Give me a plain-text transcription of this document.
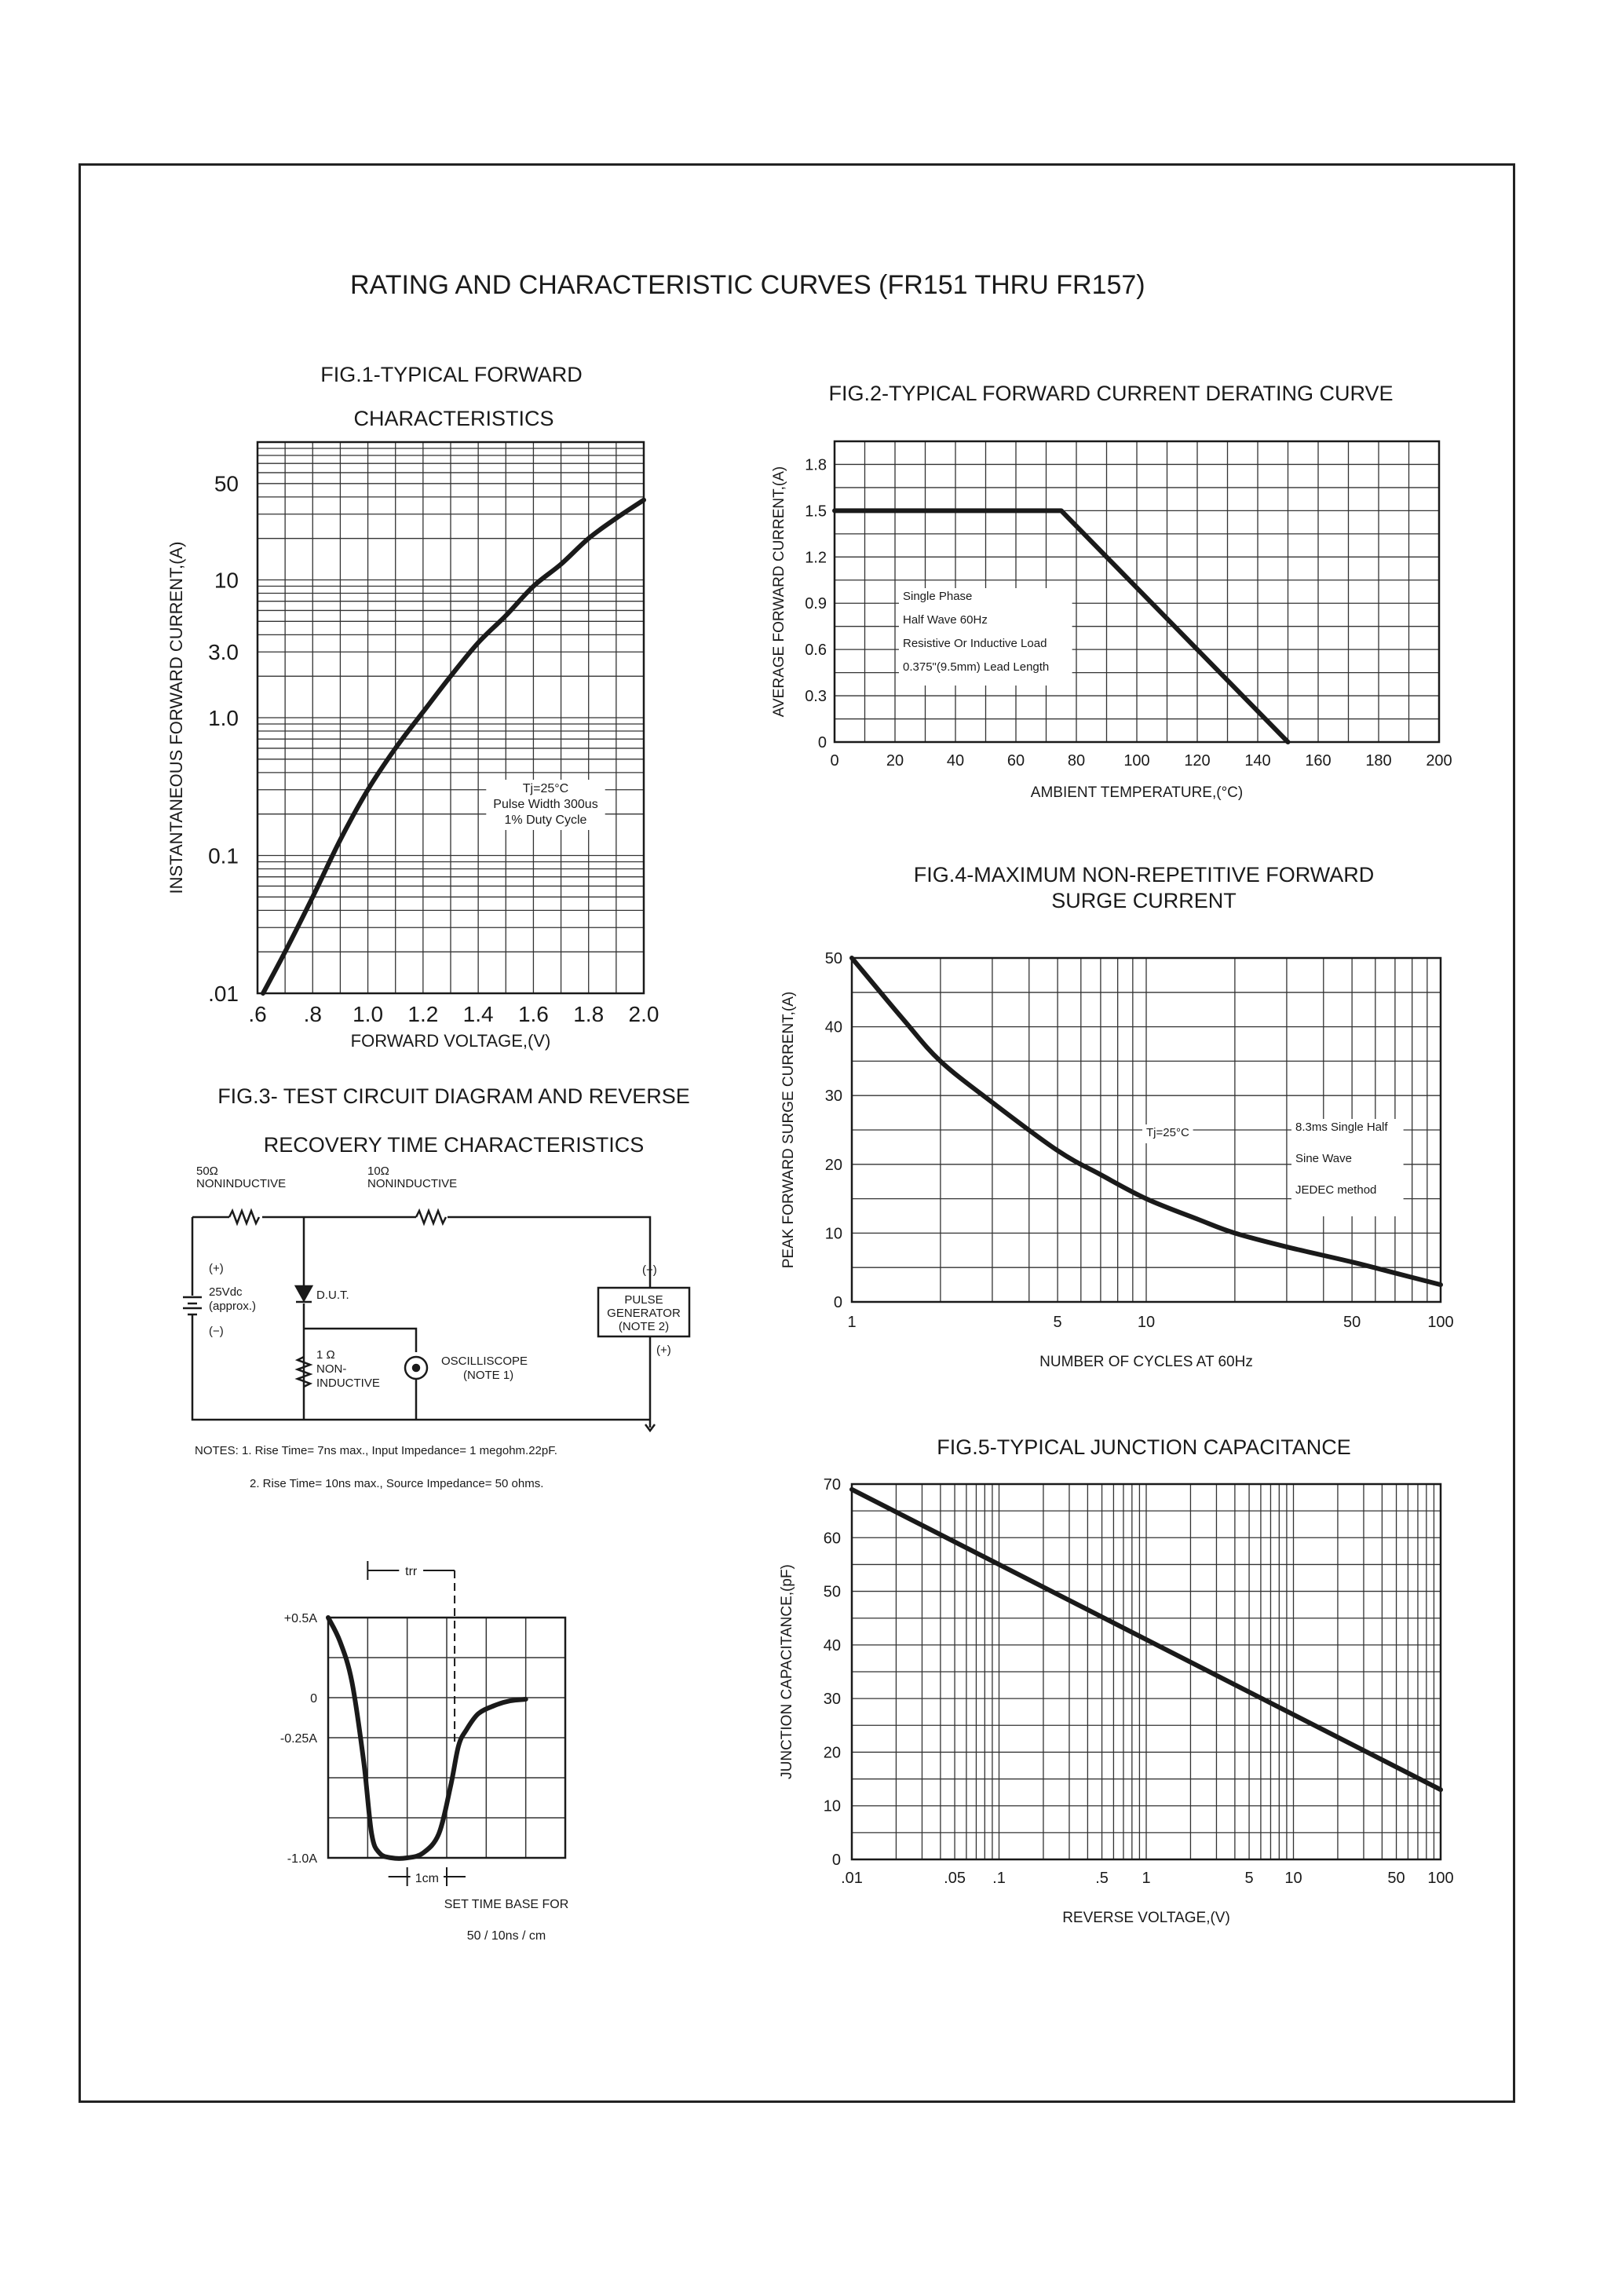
RATING AND CHARACTERISTIC CURVES (FR151 THRU FR157)
FIG.1-TYPICAL FORWARD
CHARACTERISTICS
FIG.2-TYPICAL FORWARD CURRENT DERATING CURVE
FIG.4-MAXIMUM NON-REPETITIVE FORWARD
SURGE CURRENT
FIG.5-TYPICAL JUNCTION CAPACITANCE
FIG.3- TEST CIRCUIT DIAGRAM AND REVERSE
RECOVERY TIME CHARACTERISTICS
.6 .8 1.0 1.2 1.4 1.6 1.8 2.0
.01
0.1
1.0
3.0
10
50
FORWARD VOLTAGE,(V)
INSTANTANEOUS FORWARD CURRENT,(A)	Tj=25°C
Pulse Width 300us
1% Duty Cycle
0	20	40	60	80 100 120 140 160 180 200
0
0.3
0.6
0.9
1.2
1.5
1.8
AMBIENT TEMPERATURE,(°C)
AVERAGE FORWARD CURRENT,(A)	Single Phase
Half Wave 60Hz
Resistive Or Inductive Load
0.375"(9.5mm) Lead Length
1	5	10	50	100
0
10
20
30
40
50
NUMBER OF CYCLES AT 60Hz
PEAK FORWARD SURGE CURRENT,(A)	Tj=25°C	8.3ms Single Half
Sine Wave
JEDEC method
.01	.05 .1	.5 1	5 10	50 100
0
10
20
30
40
50
60
70
REVERSE VOLTAGE,(V)
JUNCTION CAPACITANCE,(pF)
+0.5A
0
-0.25A
-1.0A
trr
1cm
SET TIME BASE FOR
50 / 10ns / cm
50Ω
NONINDUCTIVE
10Ω
NONINDUCTIVE
(+)
25Vdc
(approx.)
(−)
D.U.T.
1 Ω
NON-
INDUCTIVE
OSCILLISCOPE
(NOTE 1)
(−)
PULSE
GENERATOR
(NOTE 2)
(+)
NOTES: 1. Rise Time= 7ns max., Input Impedance= 1 megohm.22pF.
2. Rise Time= 10ns max., Source Impedance= 50 ohms.
